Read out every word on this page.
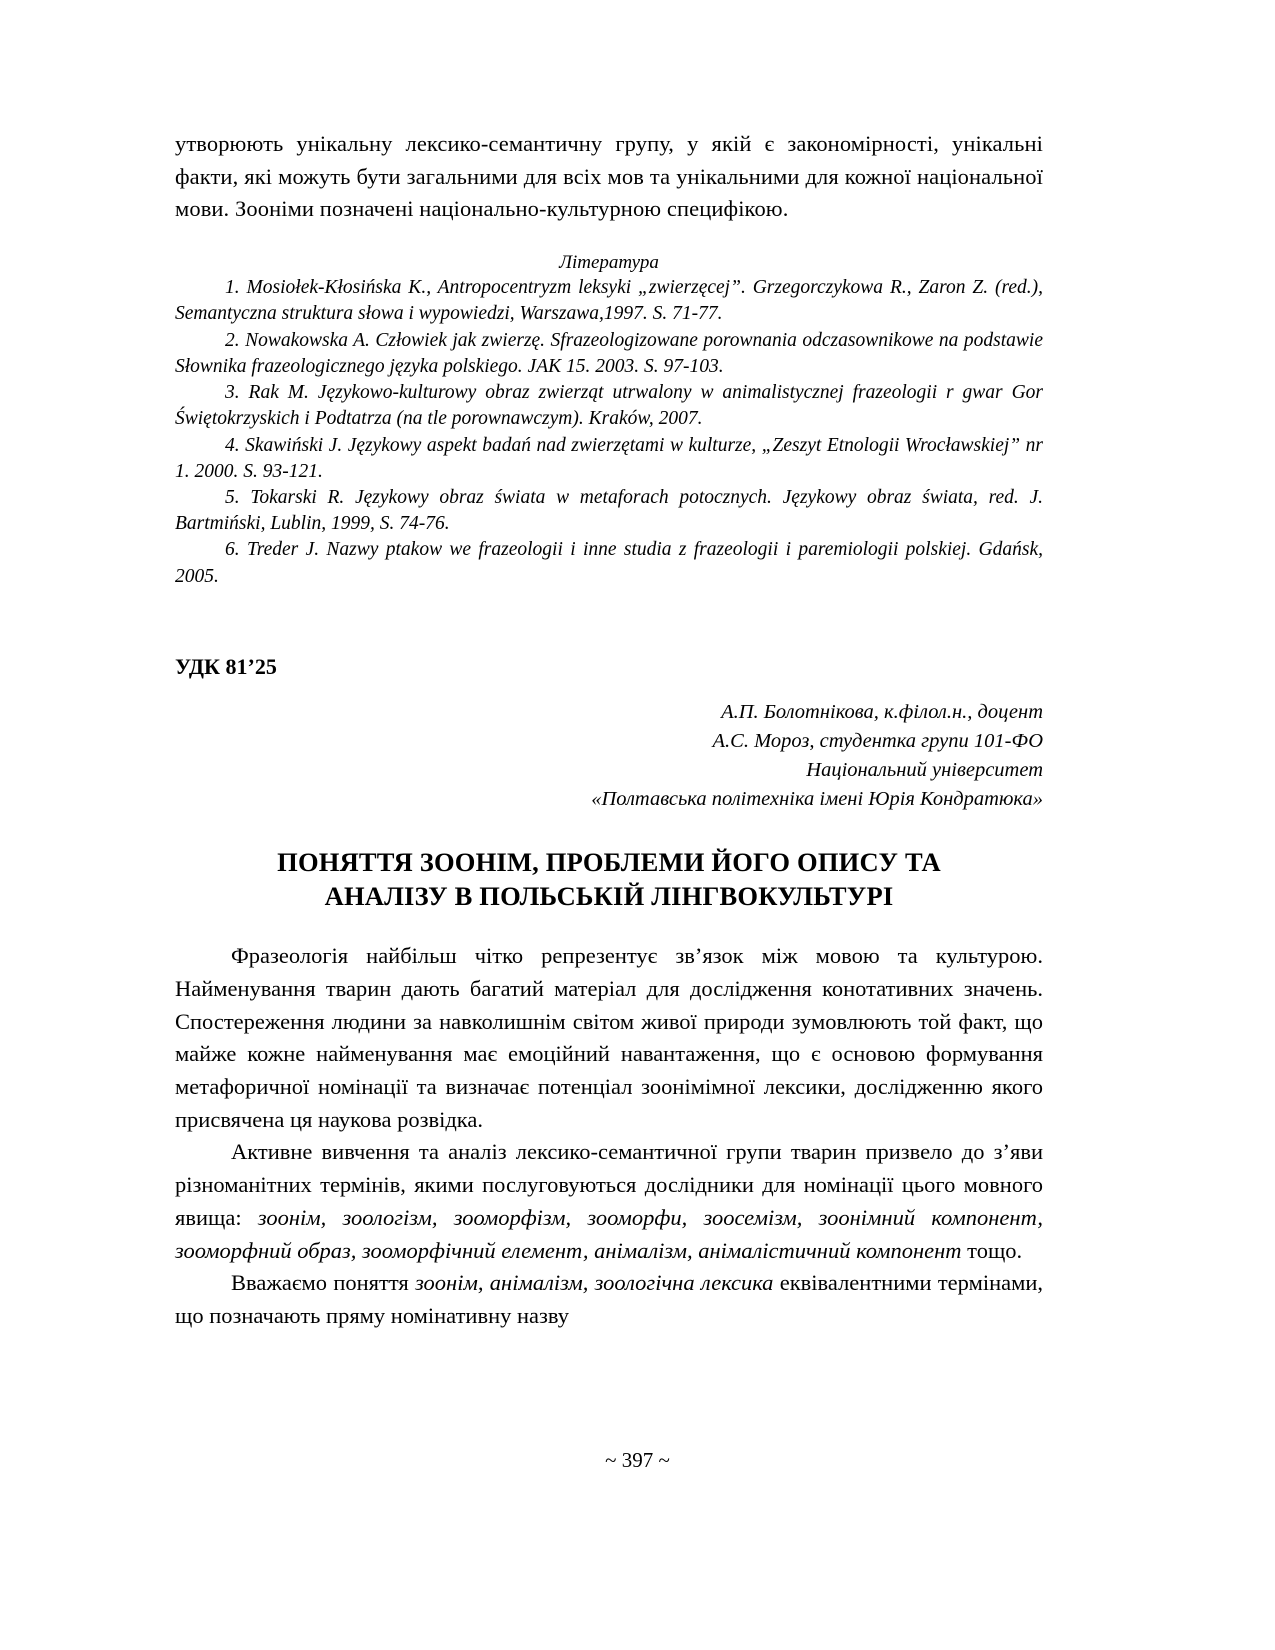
утворюють унікальну лексико-семантичну групу, у якій є закономірності, унікальні факти, які можуть бути загальними для всіх мов та унікальними для кожної національної мови. Зооніми позначені національно-культурною специфікою.

Література

1. Mosiołek-Kłosińska K., Antropocentryzm leksyki „zwierzęcej”. Grzegorczykowa R., Zaron Z. (red.), Semantyczna struktura słowa i wypowiedzi, Warszawa,1997. S. 71-77.

2. Nowakowska A. Człowiek jak zwierzę. Sfrazeologizowane porownania odczasownikowe na podstawie Słownika frazeologicznego języka polskiego. JAK 15. 2003. S. 97-103.

3. Rak M. Językowo-kulturowy obraz zwierząt utrwalony w animalistycznej frazeologii r gwar Gor Świętokrzyskich i Podtatrza (na tle porownawczym). Kraków, 2007.

4. Skawiński J. Językowy aspekt badań nad zwierzętami w kulturze, „Zeszyt Etnologii Wrocławskiej” nr 1. 2000. S. 93-121.

5. Tokarski R. Językowy obraz świata w metaforach potocznych. Językowy obraz świata, red. J. Bartmiński, Lublin, 1999, S. 74-76.

6. Treder J. Nazwy ptakow we frazeologii i inne studia z frazeologii i paremiologii polskiej. Gdańsk, 2005.

УДК 81’25
А.П. Болотнікова, к.філол.н., доцент
А.С. Мороз, студентка групи 101-ФО
Національний університет
«Полтавська політехніка імені Юрія Кондратюка»
ПОНЯТТЯ ЗООНІМ, ПРОБЛЕМИ ЙОГО ОПИСУ ТА
АНАЛІЗУ В ПОЛЬСЬКІЙ ЛІНГВОКУЛЬТУРІ

Фразеологія найбільш чітко репрезентує зв’язок між мовою та культурою. Найменування тварин дають багатий матеріал для дослідження конотативних значень. Спостереження людини за навколишнім світом живої природи зумовлюють той факт, що майже кожне найменування має емоційний навантаження, що є основою формування метафоричної номінації та визначає потенціал зоонімімної лексики, дослідженню якого присвячена ця наукова розвідка.

Активне вивчення та аналіз лексико-семантичної групи тварин призвело до з’яви різноманітних термінів, якими послуговуються дослідники для номінації цього мовного явища: зоонім, зоологізм, зооморфізм, зооморфи, зоосемізм, зоонімний компонент, зооморфний образ, зооморфічний елемент, анімалізм, анімалістичний компонент тощо.

Вважаємо поняття зоонім, анімалізм, зоологічна лексика еквівалентними термінами, що позначають пряму номінативну назву

~ 397 ~
